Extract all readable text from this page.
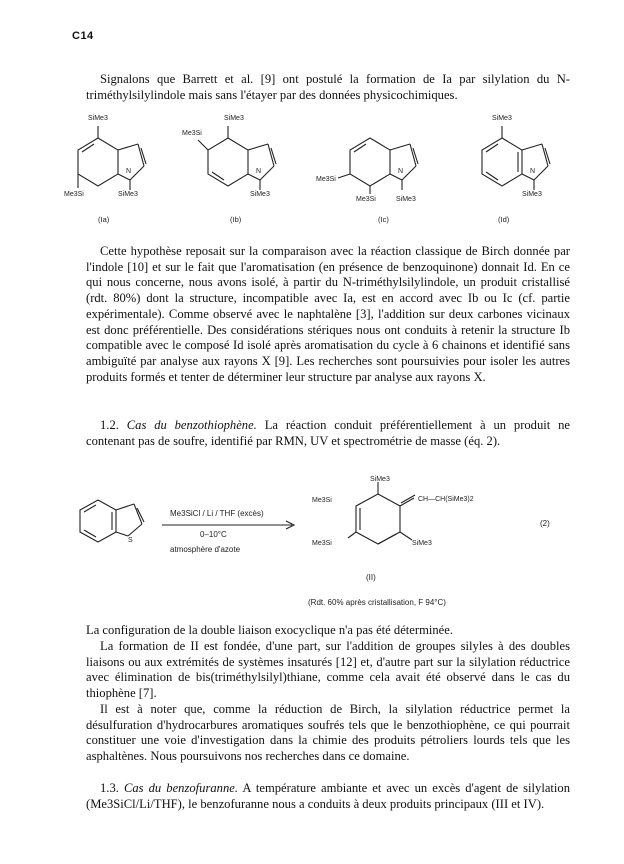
C14

Signalons que Barrett et al. [9] ont postulé la formation de Ia par silylation du N-triméthylsilylindole mais sans l'étayer par des données physicochimiques.

SiMe3
N
Me3Si	SiMe3
(Ia)
SiMe3
Me3Si
N
SiMe3
(Ib)
Me3Si
N
Me3Si	SiMe3
(Ic)
SiMe3
N
SiMe3
(Id)

Cette hypothèse reposait sur la comparaison avec la réaction classique de Birch donnée par l'indole [10] et sur le fait que l'aromatisation (en présence de benzoquinone) donnait Id. En ce qui nous concerne, nous avons isolé, à partir du N-triméthylsilylindole, un produit cristallisé (rdt. 80%) dont la structure, incompatible avec Ia, est en accord avec Ib ou Ic (cf. partie expérimentale). Comme observé avec le naphtalène [3], l'addition sur deux carbones vicinaux est donc préférentielle. Des considérations stériques nous ont conduits à retenir la structure Ib compatible avec le composé Id isolé après aromatisation du cycle à 6 chainons et identifié sans ambiguïté par analyse aux rayons X [9]. Les recherches sont poursuivies pour isoler les autres produits formés et tenter de déterminer leur structure par analyse aux rayons X.

1.2. Cas du benzothiophène. La réaction conduit préférentiellement à un produit ne contenant pas de soufre, identifié par RMN, UV et spectrométrie de masse (éq. 2).

S
Me3SiCl / Li / THF (excès)
0–10°C
atmosphère d'azote
SiMe3
Me3Si	CH—CH(SiMe3)2
Me3Si	SiMe3
(2)
(II)
(Rdt. 60% après cristallisation, F 94°C)

La configuration de la double liaison exocyclique n'a pas été déterminée.

La formation de II est fondée, d'une part, sur l'addition de groupes silyles à des doubles liaisons ou aux extrémités de systèmes insaturés [12] et, d'autre part sur la silylation réductrice avec élimination de bis(triméthylsilyl)thiane, comme cela avait été observé dans le cas du thiophène [7].

Il est à noter que, comme la réduction de Birch, la silylation réductrice permet la désulfuration d'hydrocarbures aromatiques soufrés tels que le benzothiophène, ce qui pourrait constituer une voie d'investigation dans la chimie des produits pétroliers lourds tels que les asphaltènes. Nous poursuivons nos recherches dans ce domaine.

1.3. Cas du benzofuranne. A température ambiante et avec un excès d'agent de silylation (Me3SiCl/Li/THF), le benzofuranne nous a conduits à deux produits principaux (III et IV).
